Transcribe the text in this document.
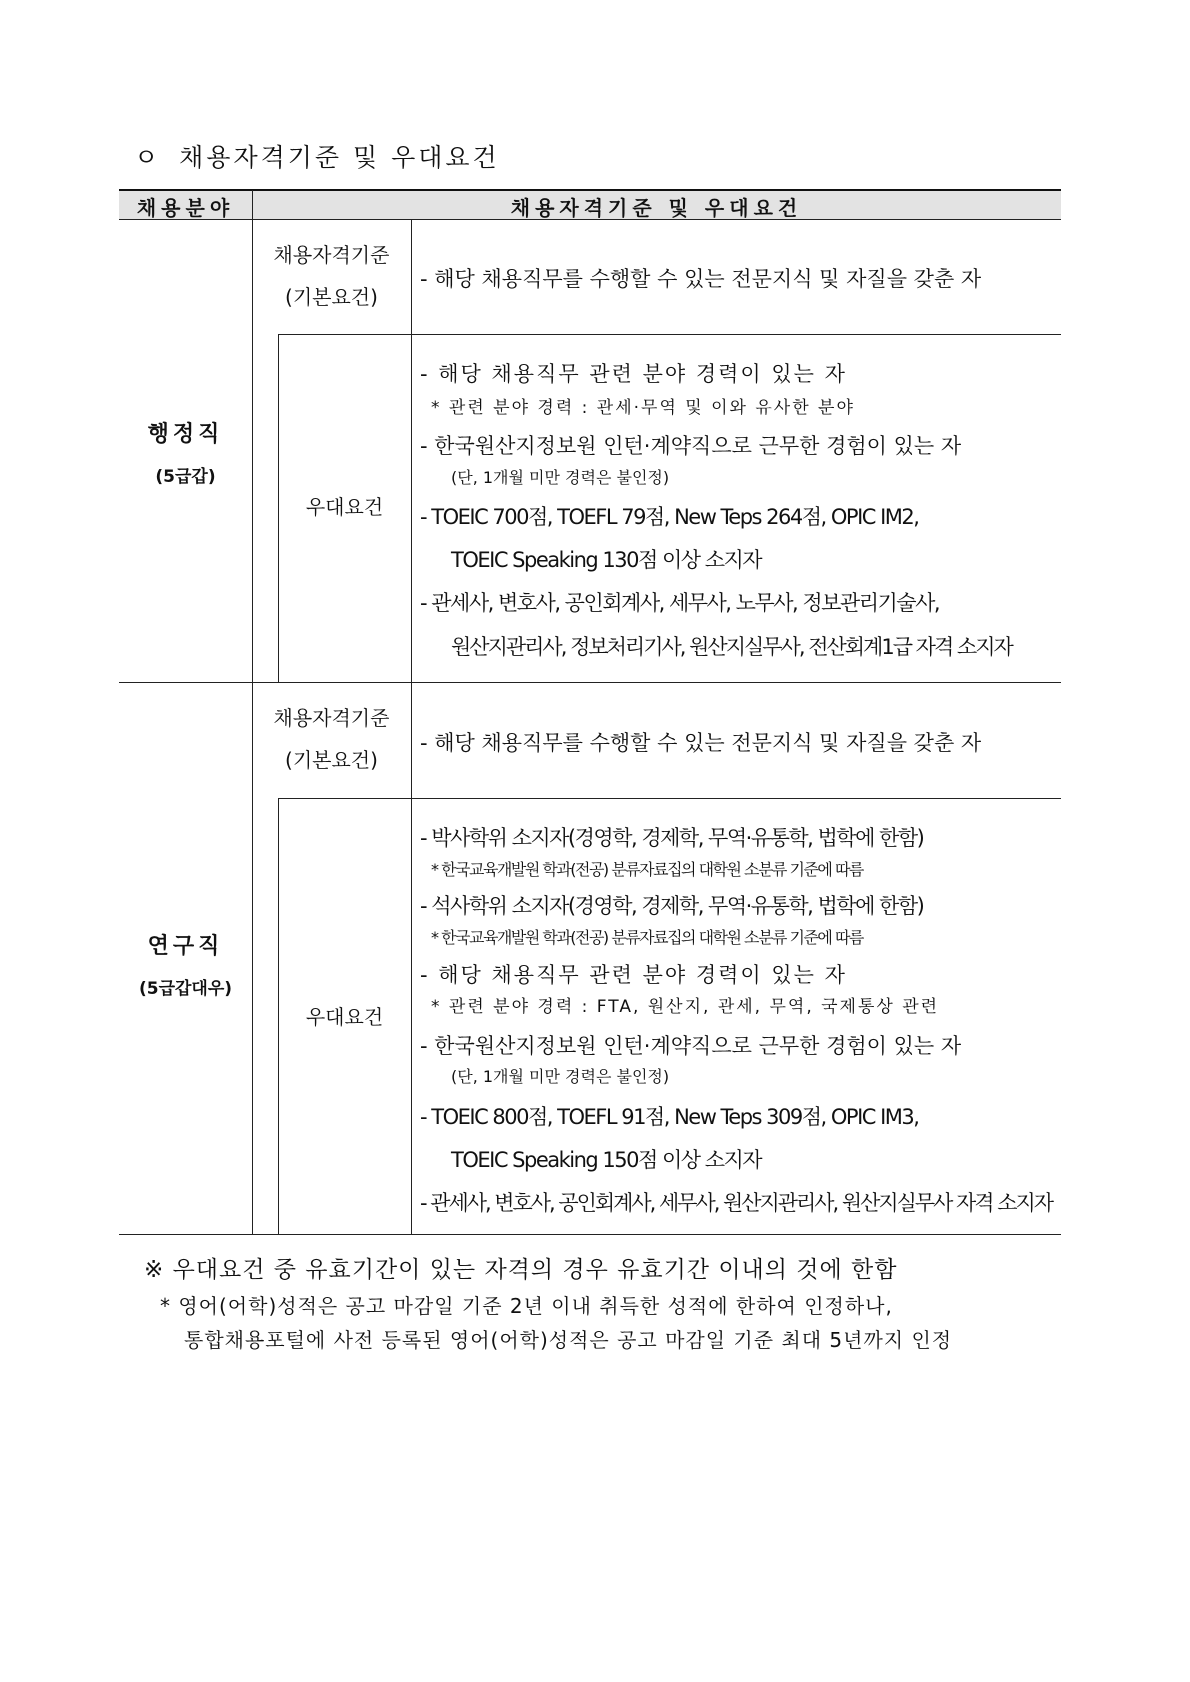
ㅇ 채용자격기준 및 우대요건
채용분야	채용자격기준 및 우대요건
행정직
(5급갑)
채용자격기준
(기본요건)
- 해당 채용직무를 수행할 수 있는 전문지식 및 자질을 갖춘 자
우대요건
- 해당 채용직무 관련 분야 경력이 있는 자
* 관련 분야 경력 : 관세·무역 및 이와 유사한 분야
- 한국원산지정보원 인턴·계약직으로 근무한 경험이 있는 자
(단, 1개월 미만 경력은 불인정)
- TOEIC 700점, TOEFL 79점, New Teps 264점, OPIC IM2,
TOEIC Speaking 130점 이상 소지자
- 관세사, 변호사, 공인회계사, 세무사, 노무사, 정보관리기술사,
원산지관리사, 정보처리기사, 원산지실무사, 전산회계1급 자격 소지자
연구직
(5급갑대우)
채용자격기준
(기본요건)
- 해당 채용직무를 수행할 수 있는 전문지식 및 자질을 갖춘 자
우대요건
- 박사학위 소지자(경영학, 경제학, 무역·유통학, 법학에 한함)
* 한국교육개발원 학과(전공) 분류자료집의 대학원 소분류 기준에 따름
- 석사학위 소지자(경영학, 경제학, 무역·유통학, 법학에 한함)
* 한국교육개발원 학과(전공) 분류자료집의 대학원 소분류 기준에 따름
- 해당 채용직무 관련 분야 경력이 있는 자
* 관련 분야 경력 : FTA, 원산지, 관세, 무역, 국제통상 관련
- 한국원산지정보원 인턴·계약직으로 근무한 경험이 있는 자
(단, 1개월 미만 경력은 불인정)
- TOEIC 800점, TOEFL 91점, New Teps 309점, OPIC IM3,
TOEIC Speaking 150점 이상 소지자
- 관세사, 변호사, 공인회계사, 세무사, 원산지관리사, 원산지실무사 자격 소지자
※ 우대요건 중 유효기간이 있는 자격의 경우 유효기간 이내의 것에 한함
* 영어(어학)성적은 공고 마감일 기준 2년 이내 취득한 성적에 한하여 인정하나,
통합채용포털에 사전 등록된 영어(어학)성적은 공고 마감일 기준 최대 5년까지 인정
